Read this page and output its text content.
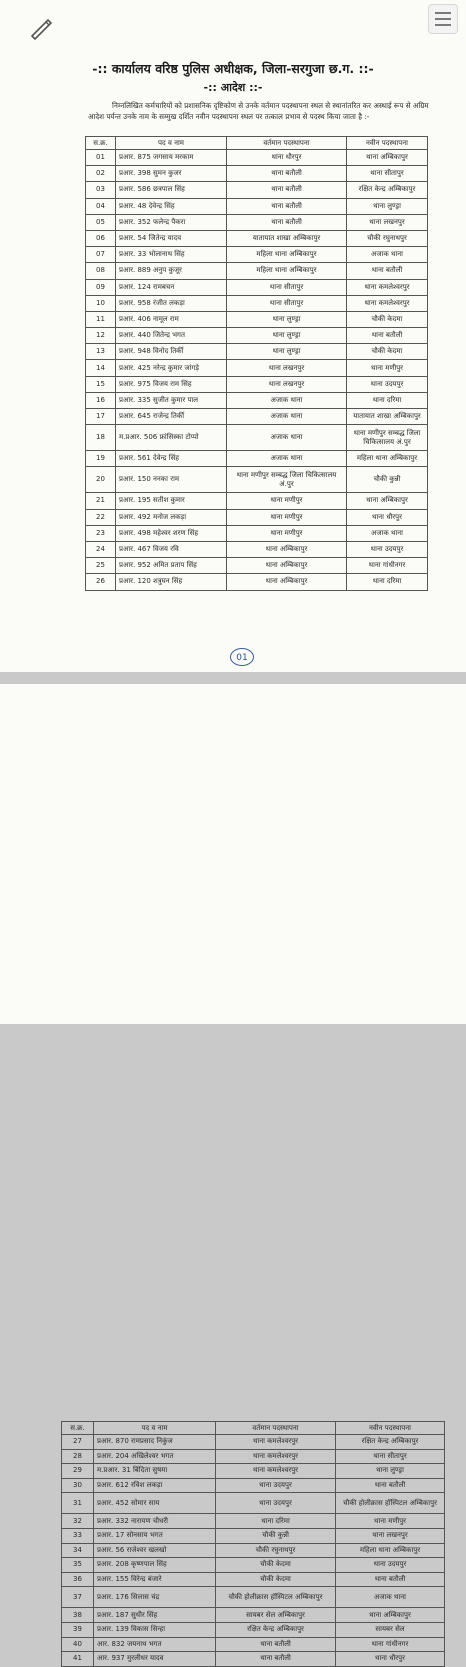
-:: कार्यालय वरिष्ठ पुलिस अधीक्षक, जिला-सरगुजा छ.ग. ::-
-:: आदेश ::-
निम्नलिखित कर्मचारियों को प्रशासनिक दृष्टिकोण से उनके वर्तमान पदस्थापना स्थल से स्थानांतरित कर अस्थाई रूप से अग्रिम आदेश पर्यन्त उनके नाम के सम्मुख दर्शित नवीन पदस्थापना स्थल पर तत्काल प्रभाव से पदस्थ किया जाता है :-
स.क्र.	पद व नाम	वर्तमान पदस्थापना	नवीन पदस्थापना
01	प्रआर. 875 जगसाय मरकाम	थाना धौरपुर	थाना अम्बिकापुर
02	प्रआर. 398 सुमन कुजर	थाना बतौली	थाना सीतापुर
03	प्रआर. 586 छत्रपाल सिंह	थाना बतौली	रक्षित केन्द्र अम्बिकापुर
04	प्रआर. 48 देवेन्द्र सिंह	थाना बतौली	थाना लुण्ड्रा
05	प्रआर. 352 फलेन्द्र पैकरा	थाना बतौली	थाना लखनपुर
06	प्रआर. 54 जितेन्द्र यादव	यातायात शाखा अम्बिकापुर	चौकी रघुनाथपुर
07	प्रआर. 33 भोलानाथ सिंह	महिला थाना अम्बिकापुर	अजाक थाना
08	प्रआर. 889 अनुप कुजूर	महिला थाना अम्बिकापुर	थाना बतौली
09	प्रआर. 124 रामबचन	थाना सीतापुर	थाना कमलेश्वरपुर
10	प्रआर. 958 रंजीत लकड़ा	थाना सीतापुर	थाना कमलेश्वरपुर
11	प्रआर. 406 नामूल राम	थाना लुण्ड्रा	चौकी केदमा
12	प्रआर. 440 जितेन्द्र भगत	थाना लुण्ड्रा	थाना बतौली
13	प्रआर. 948 विनोद तिर्की	थाना लुण्ड्रा	चौकी केदमा
14	प्रआर. 425 नरेन्द्र कुमार जांगड़े	थाना लखनपुर	थाना मणीपुर
15	प्रआर. 975 विजय राम सिंह	थाना लखनपुर	थाना उदयपुर
16	प्रआर. 335 सुजीत कुमार पाल	अजाक थाना	थाना दरिमा
17	प्रआर. 645 राजेन्द्र तिर्की	अजाक थाना	यातायात शाखा अम्बिकापुर
18	म.प्रआर. 506 फ्रांसिस्का टोप्पो	अजाक थाना	थाना मणीपुर सम्बद्ध जिला चिकित्सालय अं.पुर
19	प्रआर. 561 देवेन्द्र सिंह	अजाक थाना	महिला थाना अम्बिकापुर
20	प्रआर. 150 ननका राम	थाना मणीपुर सम्बद्ध जिला चिकित्सालय अं.पुर	चौकी कुन्नी
21	प्रआर. 195 सतीश कुमार	थाना मणीपुर	थाना अम्बिकापुर
22	प्रआर. 492 मनोज लकड़ा	थाना मणीपुर	थाना धौरपुर
23	प्रआर. 498 महेश्वर शरण सिंह	थाना मणीपुर	अजाक थाना
24	प्रआर. 467 विजय रवि	थाना अम्बिकापुर	थाना उदयपुर
25	प्रआर. 952 अमित प्रताप सिंह	थाना अम्बिकापुर	थाना गांधीनगर
26	प्रआर. 120 शत्रुघन सिंह	थाना अम्बिकापुर	थाना दरिमा
01
स.क्र.	पद व नाम	वर्तमान पदस्थापना	नवीन पदस्थापना
27	प्रआर. 870 रामप्रसाद निकुंज	थाना कमलेश्वरपुर	रक्षित केन्द्र अम्बिकापुर
28	प्रआर. 204 अखिलेश्वर भगत	थाना कमलेश्वरपुर	थाना सीतापुर
29	म.प्रआर. 31 बिंदिता सुषमा	थाना कमलेश्वरपुर	थाना लुण्ड्रा
30	प्रआर. 612 रविश लकड़ा	थाना उदयपुर	थाना बतौली
31	प्रआर. 452 सोमार साय	थाना उदयपुर	चौकी होलीक्रास हॉस्पिटल अम्बिकापुर
32	प्रआर. 332 नारायण चौधरी	थाना दरिमा	थाना मणीपुर
33	प्रआर. 17 सोनसाय भगत	चौकी कुन्नी	थाना लखनपुर
34	प्रआर. 56 राजेश्वर खलखो	चौकी रघुनाथपुर	महिला थाना अम्बिकापुर
35	प्रआर. 208 कृष्णपाल सिंह	चौकी केदमा	थाना उदयपुर
36	प्रआर. 155 विरेन्द्र बंजारे	चौकी केदमा	थाना बतौली
37	प्रआर. 176 सिलास चंद्र	चौकी होलीक्रास हॉस्पिटल अम्बिकापुर	अजाक थाना
38	प्रआर. 187 सुधीर सिंह	सायबर सेल अम्बिकापुर	थाना अम्बिकापुर
39	प्रआर. 139 विकास सिन्हा	रक्षित केन्द्र अम्बिकापुर	सायबर सेल
40	आर. 832 जयनाथ भगत	थाना बतौली	थाना गांधीनगर
41	आर. 937 मुरलीधर यादव	थाना बतौली	थाना धौरपुर
